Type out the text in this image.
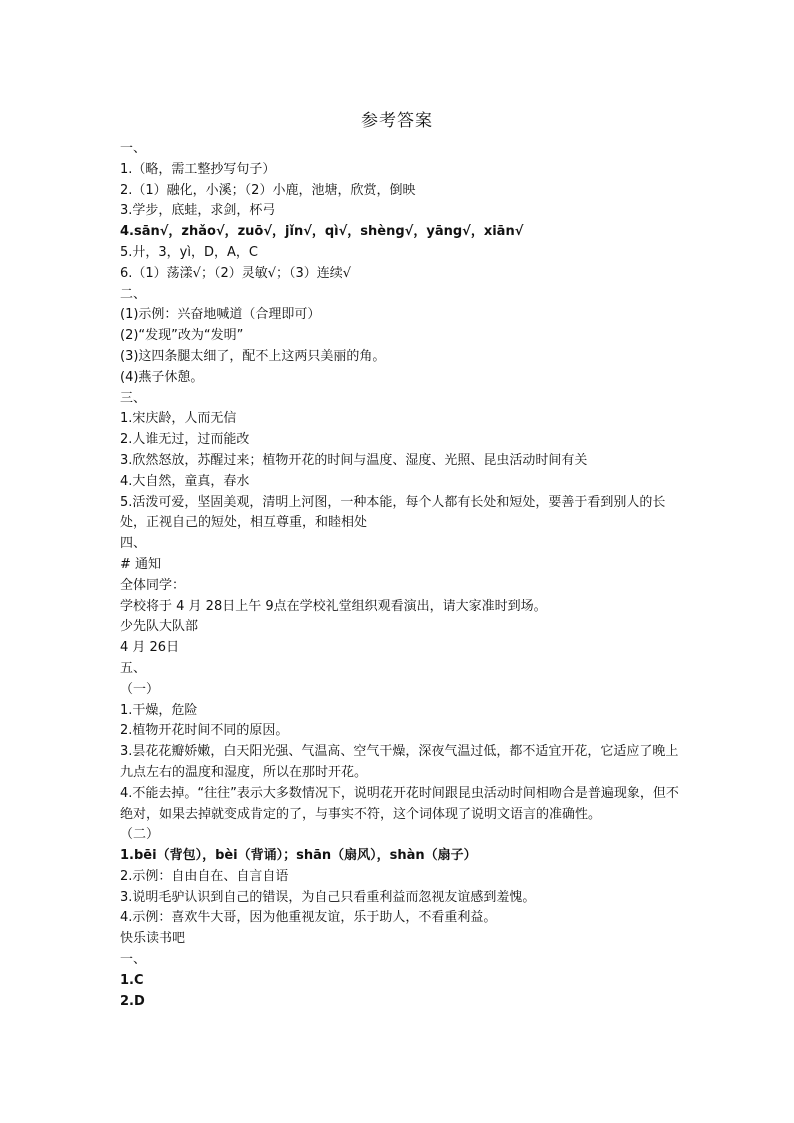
参考答案
一、
1.（略，需工整抄写句子）
2.（1）融化，小溪；（2）小鹿，池塘，欣赏，倒映
3.学步，底蛙，求剑，杯弓
4.sān√，zhǎo√，zuō√，jǐn√，qì√，shèng√，yāng√，xiān√
5.廾，3，yì，D，A，C
6.（1）荡漾√；（2）灵敏√；（3）连续√
二、
(1)示例：兴奋地喊道（合理即可）
(2)“发现”改为“发明”
(3)这四条腿太细了，配不上这两只美丽的角。
(4)燕子休憩。
三、
1.宋庆龄，人而无信
2.人谁无过，过而能改
3.欣然怒放，苏醒过来；植物开花的时间与温度、湿度、光照、昆虫活动时间有关
4.大自然，童真，春水
5.活泼可爱，坚固美观，清明上河图，一种本能，每个人都有长处和短处，要善于看到别人的长处，正视自己的短处，相互尊重，和睦相处
四、
# 通知
全体同学：
学校将于 4 月 28日上午 9点在学校礼堂组织观看演出，请大家准时到场。
少先队大队部
4 月 26日
五、
（一）
1.干燥，危险
2.植物开花时间不同的原因。
3.昙花花瓣娇嫩，白天阳光强、气温高、空气干燥，深夜气温过低，都不适宜开花，它适应了晚上九点左右的温度和湿度，所以在那时开花。
4.不能去掉。“往往”表示大多数情况下，说明花开花时间跟昆虫活动时间相吻合是普遍现象，但不绝对，如果去掉就变成肯定的了，与事实不符，这个词体现了说明文语言的准确性。
（二）
1.bēi（背包），bèi（背诵）；shān（扇风），shàn（扇子）
2.示例：自由自在、自言自语
3.说明毛驴认识到自己的错误，为自己只看重利益而忽视友谊感到羞愧。
4.示例：喜欢牛大哥，因为他重视友谊，乐于助人，不看重利益。
快乐读书吧
一、
1.C
2.D
